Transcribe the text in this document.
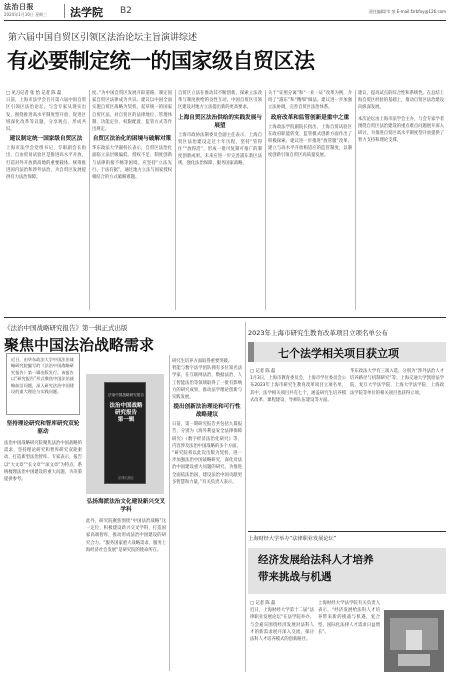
法治日报
2024年1月10日 星期三 法学院 B2	责任编辑/韦 荣 E-mail:fzrbfxy@126.com
第六届中国自贸区引领区法治论坛主旨演讲综述
有必要制定统一的国家级自贸区法
□ 见习记者 张 怡 记者 陈 磊
日前，上海市法学会召开第六届中国自贸区引领区法治论坛。与会专家从现实出发，围绕推进高水平制度型开放、促进区域深化改革等议题，分享观点，形成共识。
建议制定统一国家级自贸区法
上海市法学会党组书记、专职副会长指出，自由贸易试验区是推进高水平开放、打造对外开放新高地的重要载体。统筹推进国内法治和涉外法治，为自贸区发展提供有力法治保障。
度。”为中国自贸区发展开辟道路，制定国家自贸区法律成为共识。建议以中国全面实施自贸区战略为契机，起草统一的国家自贸区法，对自贸区的法律地位、管理体制、功能定位、权限配置、监管方式等作出规定。
自贸区法治化的困境与破解对策
华东政法大学副校长表示，自贸区法治化面临立法层级偏低、授权不足、制度创新与法律衔接不畅等困境。应坚持“立法先行、于法有据”，通过地方立法与国家授权相结合的方式破解难题。
自贸区立法在推动其不断创新，探索立法改革与制度供给的良性互动。中国自贸区引领区建设对地方立法提出新的更高要求。
上海自贸区法治供给的实践发展与展望
上海市政协法制委员会副主任表示，上海自贸区法治建设走过十年历程，坚持“管得住”“放得活”，形成一批可复制可推广的制度创新成果。未来应进一步完善浦东新区法规，强化法治保障，服务国家战略。
关于“证照分离”和“一业一证”改革为例，介绍了“浦东”和“精细”做法。建议进一步加强立法协调，完善自贸区法治体系。
政府改革和监管创新是重中之重
上海政法学院副院长指出，上海自贸试验区在政府职能转变、监管模式创新方面作出了积极探索。建议进一步推进“放管服”改革，建立与高水平开放相适应的监管制度，以制度创新引领自贸区高质量发展。
建议，提高试点的综合性和系统性。在总结上海自贸区经验的基础上，推动自贸区法治建设向纵深发展。
本次论坛由上海市法学会主办，与会专家学者围绕自贸区法治建设的重点难点问题展开深入研讨，为推进自贸区高水平制度型开放提供了智力支持和理论支撑。
《法治中国战略研究报告》第一辑正式出版
聚焦中国法治战略需求
近日，由华东政法大学中国法治战略研究院编写的《法治中国战略研究报告》第一辑出版发行。该报告以“研究报告”形式聚焦中国法治战略前沿问题，深入研究法治中国建设的重大理论与实践问题。
坚持理论研究和智库研究双轮驱动
法治中国战略研究院聚焦法治中国战略的需求，坚持理论研究和智库研究双轮驱动，打造新型法治智库。专家表示，报告以“大文章”“长文章”“深文章”为特点，系统梳理法治中国建设的重大问题，为决策提供参考。
法治中国战略研究报告
法治中国战略研究报告
第一辑
法律出版社
弘扬海派法治文化建设新兴交叉学科
此外，研究院聚焦围绕“中国法治战略”这一定位，积极建设新兴交叉学科，打造国家高端智库，推动形成法治中国建设的研究合力。“服务国家重大战略需求、服务上海经济社会发展”是研究院的使命所在。
研究生培养方面取得重要突破。
智能与数字法学团队拥有多位知名法学家，在互联网法治、数据法治、人工智能法治等领域取得了一批有影响力的研究成果，推动法学理论创新与实践发展。
提出创新法治理论和可行性战略建议
日前，第一期研究报告共包括九篇报告，分别为《海外利益安全法律保障研究》《数字经济法治化研究》等，内容涉及法治中国战略的多个方面。
“研究院将以此次出版为契机，进一步加强法治中国战略研究，深化对法治中国建设重大问题的研究，为推进全面依法治国、建设法治中国贡献更多智慧和力量。”有关负责人表示。
2023年上海市研究生教育改革项目立项名单公布
七个法学相关项目获立项
□ 记者 陈 磊
1月3日，上海市教育委员会、上海市学位委员会公布2023年上海市研究生教育改革项目立项名单，其中，法学相关项目共有七个，涵盖研究生培养模式改革、课程建设、导师队伍建设等方面。
华东政法大学有三项入选，分别为“涉外法治人才培养路径与机制研究”等；上海交通大学凯原法学院、复旦大学法学院、上海大学法学院、上海政法学院等单位的相关项目也获得立项。
上海财经大学举办“法律职业发展论坛”
经济发展给法科人才培养
带来挑战与机遇
□ 记者 陈 磊
近日，上海财经大学第十二届“法律职业发展论坛”在法学院举办。与会嘉宾围绕经济发展对法科人才的新需求展开深入交流，探讨法科人才培养模式的创新路径。
上海财经大学法学院有关负责人表示，“经济发展给法科人才培养带来新的挑战与机遇，复合型、国际化法律人才需求日益增长”。
